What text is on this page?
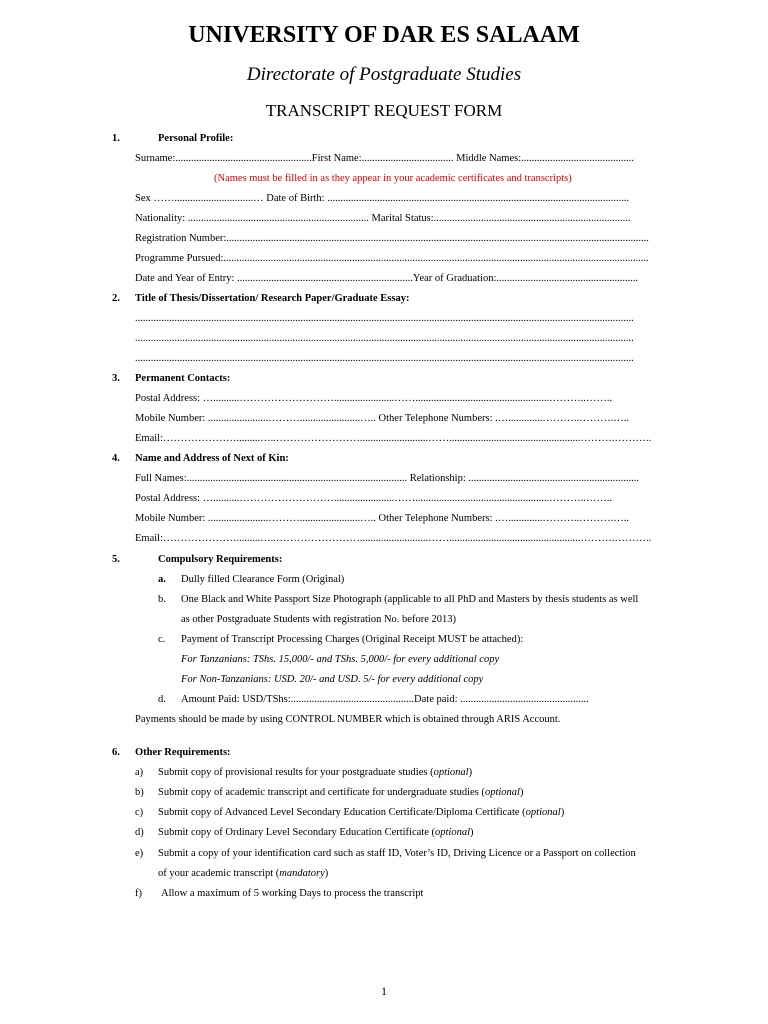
UNIVERSITY OF DAR ES SALAAM
Directorate of Postgraduate Studies
TRANSCRIPT REQUEST FORM
1.	Personal Profile:
Surname:....................................................First Name:................................... Middle Names:...........................................
(Names must be filled in as they appear in your academic certificates and transcripts)
Sex ……..............................… Date of Birth: ...................................................................................................................
Nationality: ..................................................................... Marital Status:...........................................................................
Registration Number:.................................................................................................................................................................
Programme Pursued:..................................................................................................................................................................
Date and Year of Entry: ...................................................................Year of Graduation:......................................................
2.	Title of Thesis/Dissertation/ Research Paper/Graduate Essay:
..............................................................................................................................................................................................
..............................................................................................................................................................................................
..............................................................................................................................................................................................
3.	Permanent Contacts:
Postal Address: …..........……………………….......................……...................................................………..……..
Mobile Number: .......................……….......................….. Other Telephone Numbers: .….............………..……….…..
Email:………………….........…..……………………..........................……..................................................……….………..
4.	Name and Address of Next of Kin:
Full Names:.................................................................................... Relationship: .................................................................
Postal Address: …..........……………………….......................……...................................................………..……..
Mobile Number: .......................……….......................….. Other Telephone Numbers: .….............………..……….…..
Email:………………….........…..……………………..........................……..................................................……….………..
5.	Compulsory Requirements:
a. Dully filled Clearance Form (Original)
b. One Black and White Passport Size Photograph (applicable to all PhD and Masters by thesis students as well
as other Postgraduate Students with registration No. before 2013)
c. Payment of Transcript Processing Charges (Original Receipt MUST be attached):
For Tanzanians: TShs. 15,000/- and TShs. 5,000/- for every additional copy
For Non-Tanzanians: USD. 20/- and USD. 5/- for every additional copy
d. Amount Paid: USD/TShs:...............................................Date paid: .................................................
Payments should be made by using CONTROL NUMBER which is obtained through ARIS Account.
6.	Other Requirements:
a) Submit copy of provisional results for your postgraduate studies (optional)
b) Submit copy of academic transcript and certificate for undergraduate studies (optional)
c) Submit copy of Advanced Level Secondary Education Certificate/Diploma Certificate (optional)
d) Submit copy of Ordinary Level Secondary Education Certificate (optional)
e) Submit a copy of your identification card such as staff ID, Voter’s ID, Driving Licence or a Passport on collection
of your academic transcript (mandatory)
f) Allow a maximum of 5 working Days to process the transcript
1
